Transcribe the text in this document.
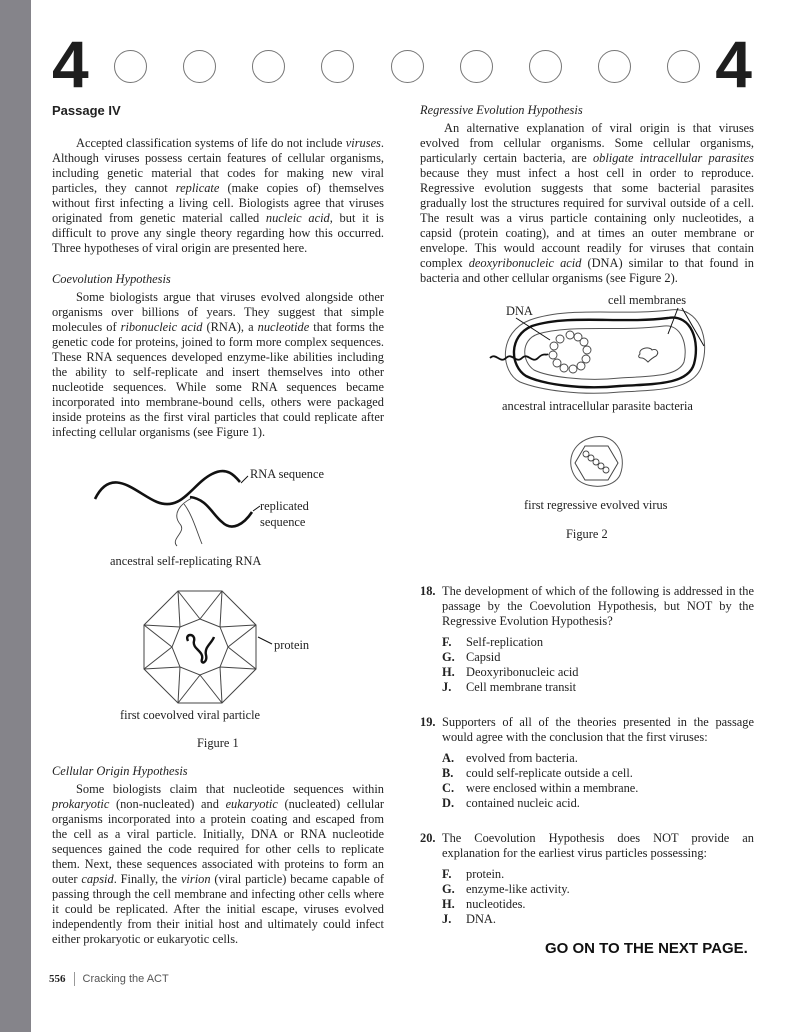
4	4
Passage IV

Accepted classification systems of life do not include viruses. Although viruses possess certain features of cellular organisms, including genetic material that codes for making new viral particles, they cannot replicate (make copies of) themselves without first infecting a living cell. Biologists agree that viruses originated from genetic material called nucleic acid, but it is difficult to prove any single theory regarding how this occurred. Three hypotheses of viral origin are presented here.

Coevolution Hypothesis

Some biologists argue that viruses evolved alongside other organisms over billions of years. They suggest that simple molecules of ribonucleic acid (RNA), a nucleotide that forms the genetic code for proteins, joined to form more complex sequences. These RNA sequences developed enzyme-like abilities including the ability to self-replicate and insert themselves into other nucleotide sequences. While some RNA sequences became incorporated into membrane-bound cells, others were packaged inside proteins as the first viral particles that could replicate after infecting cellular organisms (see Figure 1).

RNA sequence
replicated
sequence
ancestral self-replicating RNA
protein
first coevolved viral particle
Figure 1
Cellular Origin Hypothesis

Some biologists claim that nucleotide sequences within prokaryotic (non-nucleated) and eukaryotic (nucleated) cellular organisms incorporated into a protein coating and escaped from the cell as a viral particle. Initially, DNA or RNA nucleotide sequences gained the code required for other cells to replicate them. Next, these sequences associated with proteins to form an outer capsid. Finally, the virion (viral particle) became capable of passing through the cell membrane and infecting other cells where it could be replicated. After the initial escape, viruses evolved independently from their initial host and ultimately could infect either prokaryotic or eukaryotic cells.

Regressive Evolution Hypothesis

An alternative explanation of viral origin is that viruses evolved from cellular organisms. Some cellular organisms, particularly certain bacteria, are obligate intracellular parasites because they must infect a host cell in order to reproduce. Regressive evolution suggests that some bacterial parasites gradually lost the structures required for survival outside of a cell. The result was a virus particle containing only nucleotides, a capsid (protein coating), and at times an outer membrane or envelope. This would account readily for viruses that contain complex deoxyribonucleic acid (DNA) similar to that found in bacteria and other cellular organisms (see Figure 2).

cell membranes
DNA
ancestral intracellular parasite bacteria
first regressive evolved virus
Figure 2
18. The development of which of the following is addressed in the passage by the Coevolution Hypothesis, but NOT by the Regressive Evolution Hypothesis?
F.	Self-replication
G. Capsid
H. Deoxyribonucleic acid
J.	Cell membrane transit
19. Supporters of all of the theories presented in the passage would agree with the conclusion that the first viruses:
A. evolved from bacteria.
B.	could self-replicate outside a cell.
C. were enclosed within a membrane.
D. contained nucleic acid.
20. The Coevolution Hypothesis does NOT provide an explanation for the earliest virus particles possessing:
F.	protein.
G. enzyme-like activity.
H. nucleotides.
J.	DNA.
GO ON TO THE NEXT PAGE.
556 Cracking the ACT
